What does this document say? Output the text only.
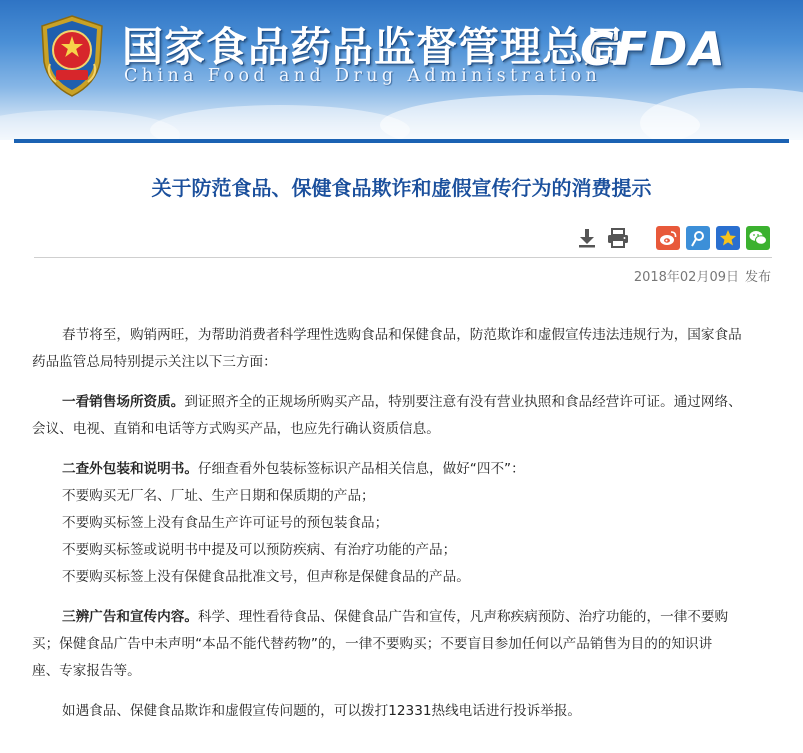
国家食品药品监督管理总局
China Food and Drug Administration
CFDA
关于防范食品、保健食品欺诈和虚假宣传行为的消费提示
2018年02月09日 发布
春节将至，购销两旺，为帮助消费者科学理性选购食品和保健食品，防范欺诈和虚假宣传违法违规行为，国家食品
药品监管总局特别提示关注以下三方面：
一看销售场所资质。到证照齐全的正规场所购买产品，特别要注意有没有营业执照和食品经营许可证。通过网络、
会议、电视、直销和电话等方式购买产品，也应先行确认资质信息。
二查外包装和说明书。仔细查看外包装标签标识产品相关信息，做好“四不”：
不要购买无厂名、厂址、生产日期和保质期的产品；
不要购买标签上没有食品生产许可证号的预包装食品；
不要购买标签或说明书中提及可以预防疾病、有治疗功能的产品；
不要购买标签上没有保健食品批准文号，但声称是保健食品的产品。
三辨广告和宣传内容。科学、理性看待食品、保健食品广告和宣传，凡声称疾病预防、治疗功能的，一律不要购
买；保健食品广告中未声明“本品不能代替药物”的，一律不要购买；不要盲目参加任何以产品销售为目的的知识讲
座、专家报告等。
如遇食品、保健食品欺诈和虚假宣传问题的，可以拨打12331热线电话进行投诉举报。
